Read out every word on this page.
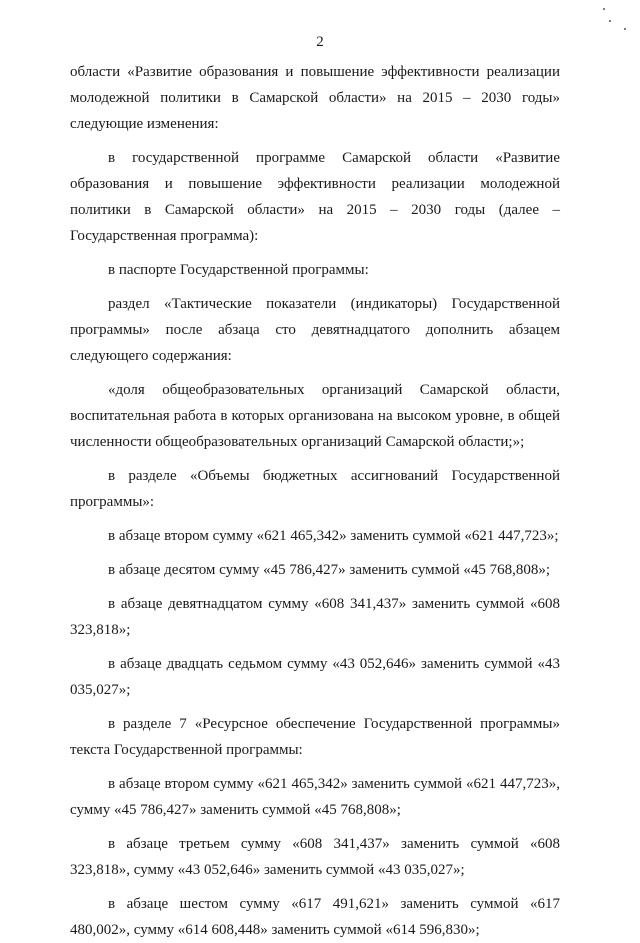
2

области «Развитие образования и повышение эффективности реализации молодежной политики в Самарской области» на 2015 – 2030 годы» следующие изменения:

в государственной программе Самарской области «Развитие образования и повышение эффективности реализации молодежной политики в Самарской области» на 2015 – 2030 годы (далее – Государственная программа):

в паспорте Государственной программы:

раздел «Тактические показатели (индикаторы) Государственной программы» после абзаца сто девятнадцатого дополнить абзацем следующего содержания:

«доля общеобразовательных организаций Самарской области, воспитательная работа в которых организована на высоком уровне, в общей численности общеобразовательных организаций Самарской области;»;

в разделе «Объемы бюджетных ассигнований Государственной программы»:

в абзаце втором сумму «621 465,342» заменить суммой «621 447,723»;

в абзаце десятом сумму «45 786,427» заменить суммой «45 768,808»;

в абзаце девятнадцатом сумму «608 341,437» заменить суммой «608 323,818»;

в абзаце двадцать седьмом сумму «43 052,646» заменить суммой «43 035,027»;

в разделе 7 «Ресурсное обеспечение Государственной программы» текста Государственной программы:

в абзаце втором сумму «621 465,342» заменить суммой «621 447,723», сумму «45 786,427» заменить суммой «45 768,808»;

в абзаце третьем сумму «608 341,437» заменить суммой «608 323,818», сумму «43 052,646» заменить суммой «43 035,027»;

в абзаце шестом сумму «617 491,621» заменить суммой «617 480,002», сумму «614 608,448» заменить суммой «614 596,830»;
